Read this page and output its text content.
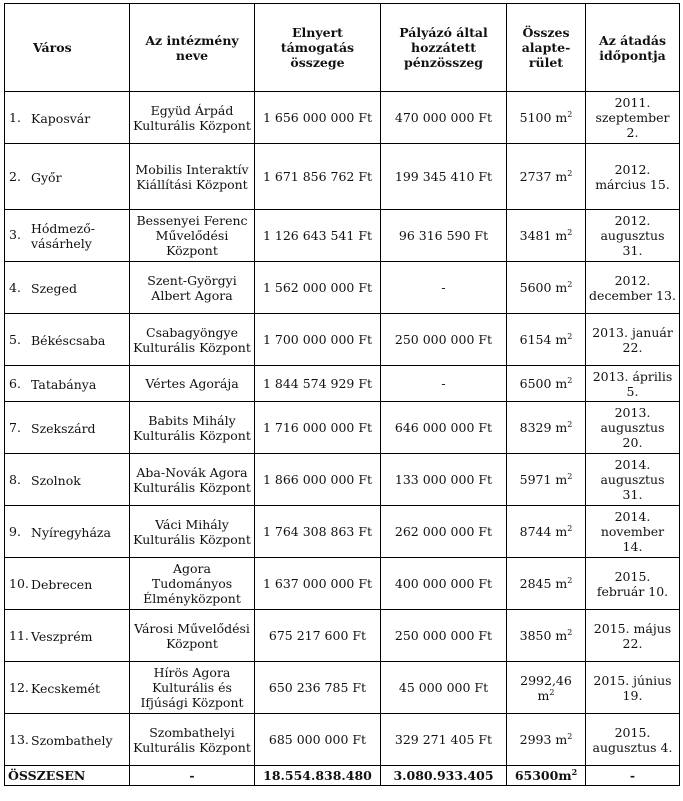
Város	Az intézmény neve	Elnyert támogatás összege	Pályázó által hozzátett pénzösszeg	Összes alapte-rület	Az átadás időpontja
1. Kaposvár	Együd Árpád Kulturális Központ	1 656 000 000 Ft	470 000 000 Ft	5100 $m^2$	2011. szeptember 2.
2. Győr	Mobilis Interaktív Kiállítási Központ	1 671 856 762 Ft	199 345 410 Ft	2737 $m^2$	2012. március 15.
3. Hódmező-vásárhely	Bessenyei Ferenc Művelődési Központ	1 126 643 541 Ft	96 316 590 Ft	3481 $m^2$	2012. augusztus 31.
4. Szeged	Szent-Györgyi Albert Agora	1 562 000 000 Ft	-	5600 $m^2$	2012. december 13.
5. Békéscsaba	Csabagyöngye Kulturális Központ	1 700 000 000 Ft	250 000 000 Ft	6154 $m^2$	2013. január 22.
6. Tatabánya	Vértes Agorája	1 844 574 929 Ft	-	6500 $m^2$	2013. április 5.
7. Szekszárd	Babits Mihály Kulturális Központ	1 716 000 000 Ft	646 000 000 Ft	8329 $m^2$	2013. augusztus 20.
8. Szolnok	Aba-Novák Agora Kulturális Központ	1 866 000 000 Ft	133 000 000 Ft	5971 $m^2$	2014. augusztus 31.
9. Nyíregyháza	Váci Mihály Kulturális Központ	1 764 308 863 Ft	262 000 000 Ft	8744 $m^2$	2014. november 14.
10. Debrecen	Agora Tudományos Élményközpont	1 637 000 000 Ft	400 000 000 Ft	2845 $m^2$	2015. február 10.
11. Veszprém	Városi Művelődési Központ	675 217 600 Ft	250 000 000 Ft	3850 $m^2$	2015. május 22.
12. Kecskemét	Hírös Agora Kulturális és Ifjúsági Központ	650 236 785 Ft	45 000 000 Ft	2992,46 $m^2$	2015. június 19.
13. Szombathely	Szombathelyi Kulturális Központ	685 000 000 Ft	329 271 405 Ft	2993 $m^2$	2015. augusztus 4.
ÖSSZESEN	-	18.554.838.480	3.080.933.405	$65300m^2$	-
